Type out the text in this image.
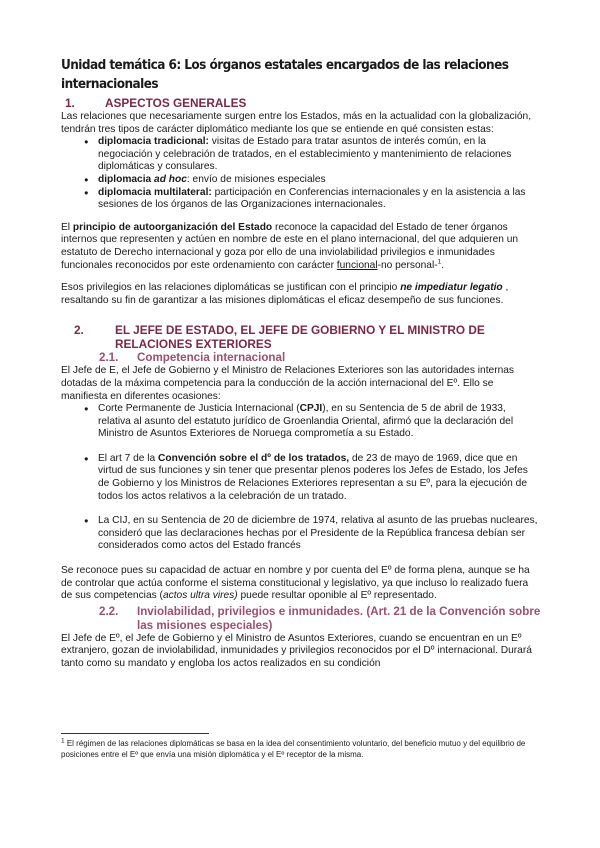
Unidad temática 6: Los órganos estatales encargados de las relaciones internacionales
1.	ASPECTOS GENERALES

Las relaciones que necesariamente surgen entre los Estados, más en la actualidad con la globalización, tendrán tres tipos de carácter diplomático mediante los que se entiende en qué consisten estas:

● diplomacia tradicional: visitas de Estado para tratar asuntos de interés común, en la negociación y celebración de tratados, en el establecimiento y mantenimiento de relaciones diplomáticas y consulares.
● diplomacia ad hoc: envío de misiones especiales
● diplomacia multilateral: participación en Conferencias internacionales y en la asistencia a las sesiones de los órganos de las Organizaciones internacionales.

El principio de autoorganización del Estado reconoce la capacidad del Estado de tener órganos internos que representen y actúen en nombre de este en el plano internacional, del que adquieren un estatuto de Derecho internacional y goza por ello de una inviolabilidad privilegios e inmunidades funcionales reconocidos por este ordenamiento con carácter funcional-no personal-$^1$.

Esos privilegios en las relaciones diplomáticas se justifican con el principio ne impediatur legatio , resaltando su fin de garantizar a las misiones diplomáticas el eficaz desempeño de sus funciones.

2.	EL JEFE DE ESTADO, EL JEFE DE GOBIERNO Y EL MINISTRO DE RELACIONES EXTERIORES
2.1.	Competencia internacional

El Jefe de E, el Jefe de Gobierno y el Ministro de Relaciones Exteriores son las autoridades internas dotadas de la máxima competencia para la conducción de la acción internacional del Eº. Ello se manifiesta en diferentes ocasiones:

● Corte Permanente de Justicia Internacional (CPJI), en su Sentencia de 5 de abril de 1933, relativa al asunto del estatuto jurídico de Groenlandia Oriental, afirmó que la declaración del Ministro de Asuntos Exteriores de Noruega comprometía a su Estado.
● El art 7 de la Convención sobre el dº de los tratados, de 23 de mayo de 1969, dice que en virtud de sus funciones y sin tener que presentar plenos poderes los Jefes de Estado, los Jefes de Gobierno y los Ministros de Relaciones Exteriores representan a su Eº, para la ejecución de todos los actos relativos a la celebración de un tratado.
● La CIJ, en su Sentencia de 20 de diciembre de 1974, relativa al asunto de las pruebas nucleares, consideró que las declaraciones hechas por el Presidente de la República francesa debían ser considerados como actos del Estado francés

Se reconoce pues su capacidad de actuar en nombre y por cuenta del Eº de forma plena, aunque se ha de controlar que actúa conforme el sistema constitucional y legislativo, ya que incluso lo realizado fuera de sus competencias (actos ultra vires) puede resultar oponible al Eº representado.

2.2.	Inviolabilidad, privilegios e inmunidades. (Art. 21 de la Convención sobre las misiones especiales)

El Jefe de Eº, el Jefe de Gobierno y el Ministro de Asuntos Exteriores, cuando se encuentran en un Eº extranjero, gozan de inviolabilidad, inmunidades y privilegios reconocidos por el Dº internacional. Durará tanto como su mandato y engloba los actos realizados en su condición

$^1$ El régimen de las relaciones diplomáticas se basa en la idea del consentimiento voluntario, del beneficio mutuo y del equilibrio de posiciones entre el Eº que envía una misión diplomática y el Eº receptor de la misma.
